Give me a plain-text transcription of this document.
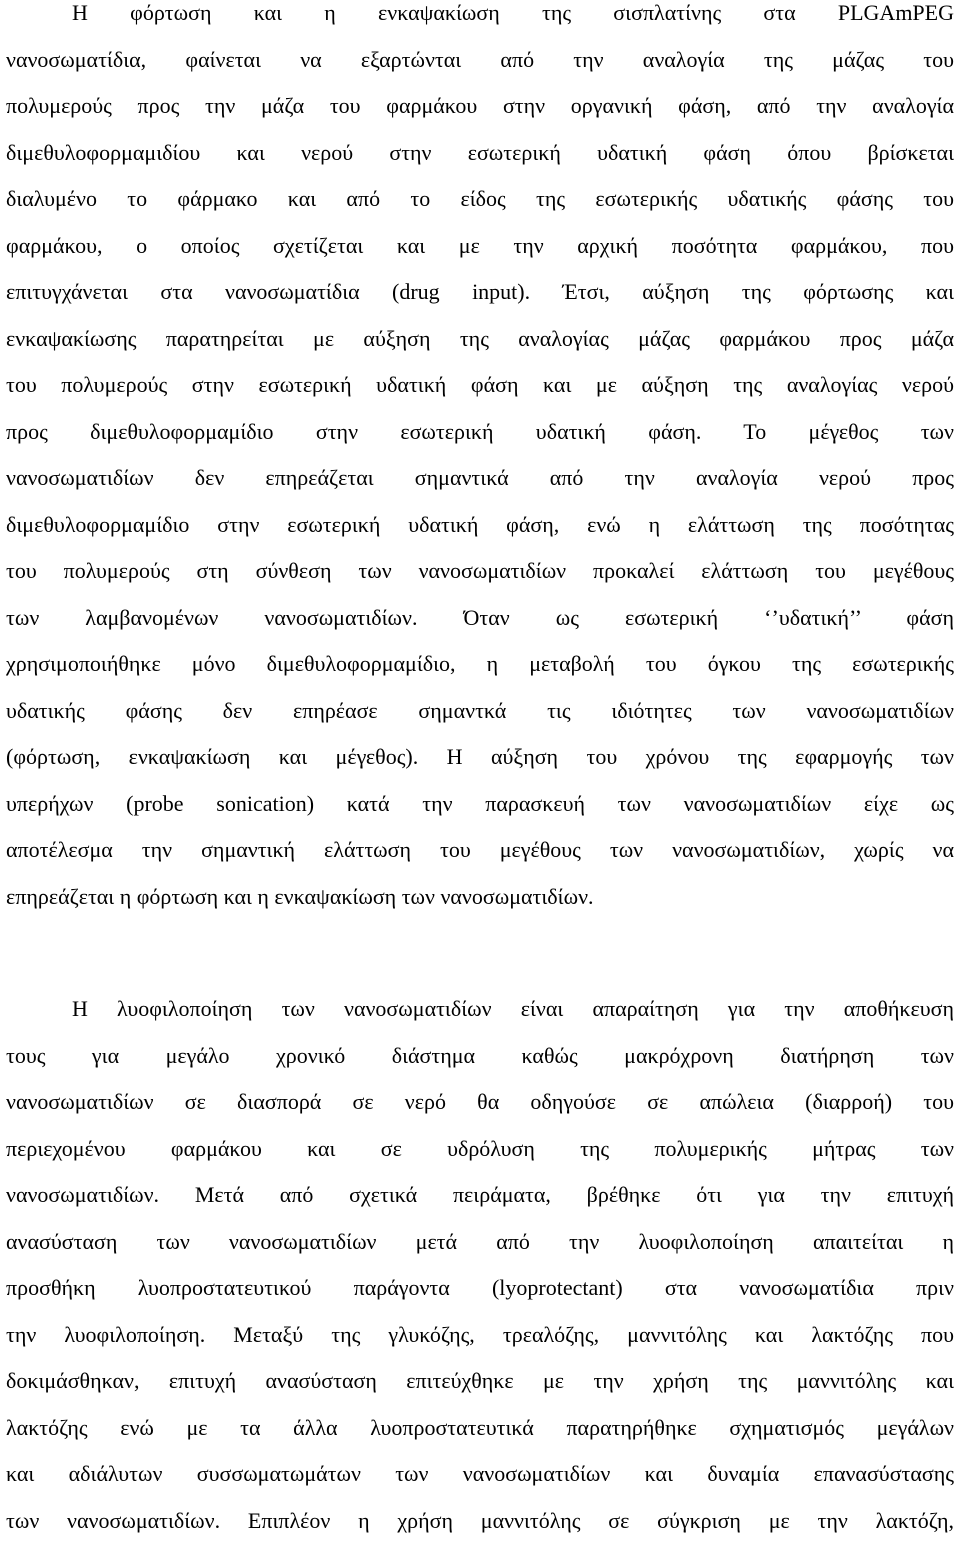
Η φόρτωση και η ενκαψακίωση της σισπλατίνης στα PLGAmPEG
νανοσωματίδια, φαίνεται να εξαρτώνται από την αναλογία της μάζας του
πολυμερούς προς την μάζα του φαρμάκου στην οργανική φάση, από την αναλογία
διμεθυλοφορμαμιδίου και νερού στην εσωτερική υδατική φάση όπου βρίσκεται
διαλυμένο το φάρμακο και από το είδος της εσωτερικής υδατικής φάσης του
φαρμάκου, ο οποίος σχετίζεται και με την αρχική ποσότητα φαρμάκου, που
επιτυγχάνεται στα νανοσωματίδια (drug input). Έτσι, αύξηση της φόρτωσης και
ενκαψακίωσης παρατηρείται με αύξηση της αναλογίας μάζας φαρμάκου προς μάζα
του πολυμερούς στην εσωτερική υδατική φάση και με αύξηση της αναλογίας νερού
προς διμεθυλοφορμαμίδιο στην εσωτερική υδατική φάση. Το μέγεθος των
νανοσωματιδίων δεν επηρεάζεται σημαντικά από την αναλογία νερού προς
διμεθυλοφορμαμίδιο στην εσωτερική υδατική φάση, ενώ η ελάττωση της ποσότητας
του πολυμερούς στη σύνθεση των νανοσωματιδίων προκαλεί ελάττωση του μεγέθους
των λαμβανομένων νανοσωματιδίων. Όταν ως εσωτερική ‘’υδατική’’ φάση
χρησιμοποιήθηκε μόνο διμεθυλοφορμαμίδιο, η μεταβολή του όγκου της εσωτερικής
υδατικής φάσης δεν επηρέασε σημαντκά τις ιδιότητες των νανοσωματιδίων
(φόρτωση, ενκαψακίωση και μέγεθος). Η αύξηση του χρόνου της εφαρμογής των
υπερήχων (probe sonication) κατά την παρασκευή των νανοσωματιδίων είχε ως
αποτέλεσμα την σημαντική ελάττωση του μεγέθους των νανοσωματιδίων, χωρίς να
επηρεάζεται η φόρτωση και η ενκαψακίωση των νανοσωματιδίων.
Η λυοφιλοποίηση των νανοσωματιδίων είναι απαραίτηση για την αποθήκευση
τους για μεγάλο χρονικό διάστημα καθώς μακρόχρονη διατήρηση των
νανοσωματιδίων σε διασπορά σε νερό θα οδηγούσε σε απώλεια (διαρροή) του
περιεχομένου φαρμάκου και σε υδρόλυση της πολυμερικής μήτρας των
νανοσωματιδίων. Μετά από σχετικά πειράματα, βρέθηκε ότι για την επιτυχή
ανασύσταση των νανοσωματιδίων μετά από την λυοφιλοποίηση απαιτείται η
προσθήκη λυοπροστατευτικού παράγοντα (lyoprotectant) στα νανοσωματίδια πριν
την λυοφιλοποίηση. Μεταξύ της γλυκόζης, τρεαλόζης, μαννιτόλης και λακτόζης που
δοκιμάσθηκαν, επιτυχή ανασύσταση επιτεύχθηκε με την χρήση της μαννιτόλης και
λακτόζης ενώ με τα άλλα λυοπροστατευτικά παρατηρήθηκε σχηματισμός μεγάλων
και αδιάλυτων συσσωματωμάτων των νανοσωματιδίων και δυναμία επανασύστασης
των νανοσωματιδίων. Επιπλέον η χρήση μαννιτόλης σε σύγκριση με την λακτόζη,
